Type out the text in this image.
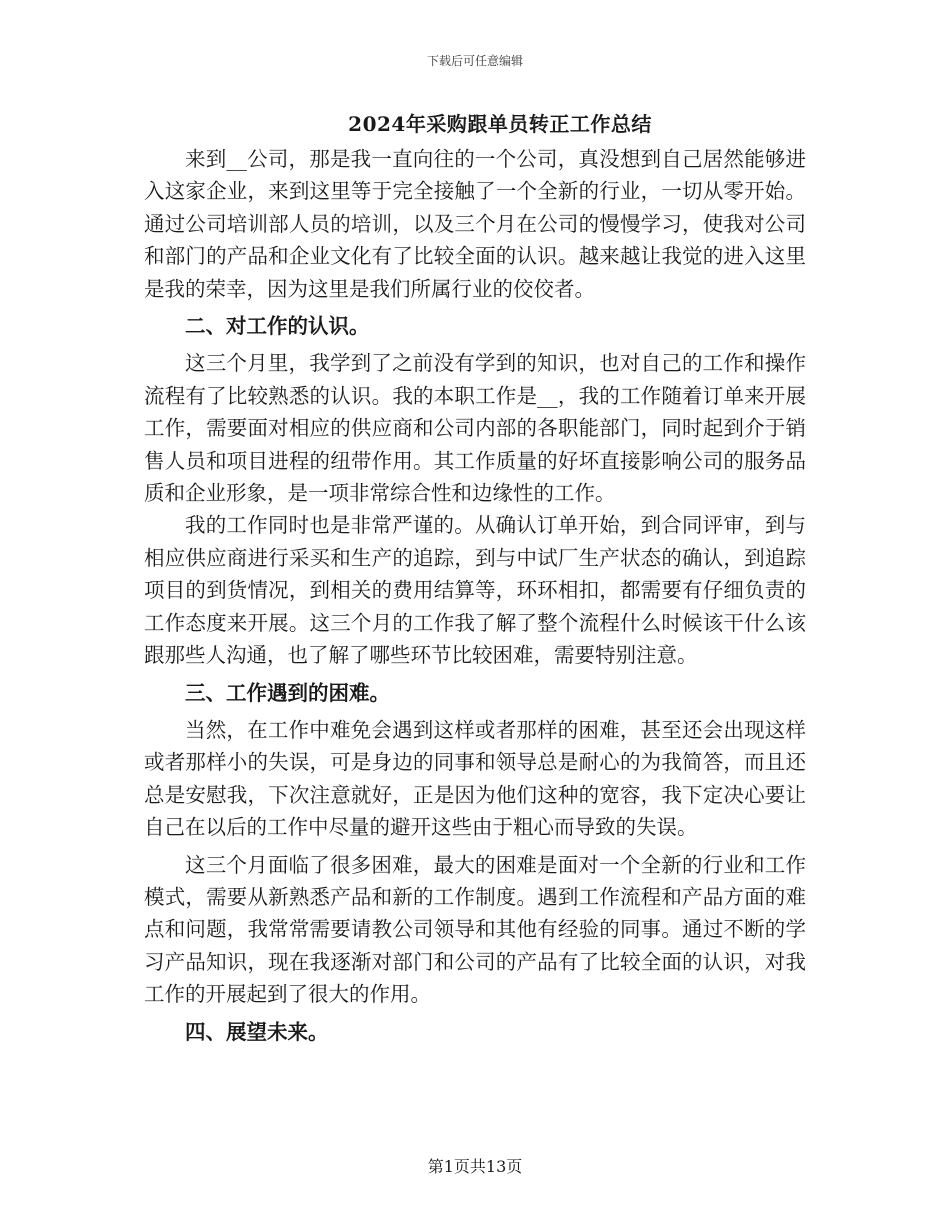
下载后可任意编辑
2024年采购跟单员转正工作总结

来到__公司，那是我一直向往的一个公司，真没想到自己居然能够进入这家企业，来到这里等于完全接触了一个全新的行业，一切从零开始。通过公司培训部人员的培训，以及三个月在公司的慢慢学习，使我对公司和部门的产品和企业文化有了比较全面的认识。越来越让我觉的进入这里是我的荣幸，因为这里是我们所属行业的佼佼者。

二、对工作的认识。

这三个月里，我学到了之前没有学到的知识，也对自己的工作和操作流程有了比较熟悉的认识。我的本职工作是__，我的工作随着订单来开展工作，需要面对相应的供应商和公司内部的各职能部门，同时起到介于销售人员和项目进程的纽带作用。其工作质量的好坏直接影响公司的服务品质和企业形象，是一项非常综合性和边缘性的工作。

我的工作同时也是非常严谨的。从确认订单开始，到合同评审，到与相应供应商进行采买和生产的追踪，到与中试厂生产状态的确认，到追踪项目的到货情况，到相关的费用结算等，环环相扣，都需要有仔细负责的工作态度来开展。这三个月的工作我了解了整个流程什么时候该干什么该跟那些人沟通，也了解了哪些环节比较困难，需要特别注意。

三、工作遇到的困难。

当然，在工作中难免会遇到这样或者那样的困难，甚至还会出现这样或者那样小的失误，可是身边的同事和领导总是耐心的为我简答，而且还总是安慰我，下次注意就好，正是因为他们这种的宽容，我下定决心要让自己在以后的工作中尽量的避开这些由于粗心而导致的失误。

这三个月面临了很多困难，最大的困难是面对一个全新的行业和工作模式，需要从新熟悉产品和新的工作制度。遇到工作流程和产品方面的难点和问题，我常常需要请教公司领导和其他有经验的同事。通过不断的学习产品知识，现在我逐渐对部门和公司的产品有了比较全面的认识，对我工作的开展起到了很大的作用。

四、展望未来。

第1页共13页
